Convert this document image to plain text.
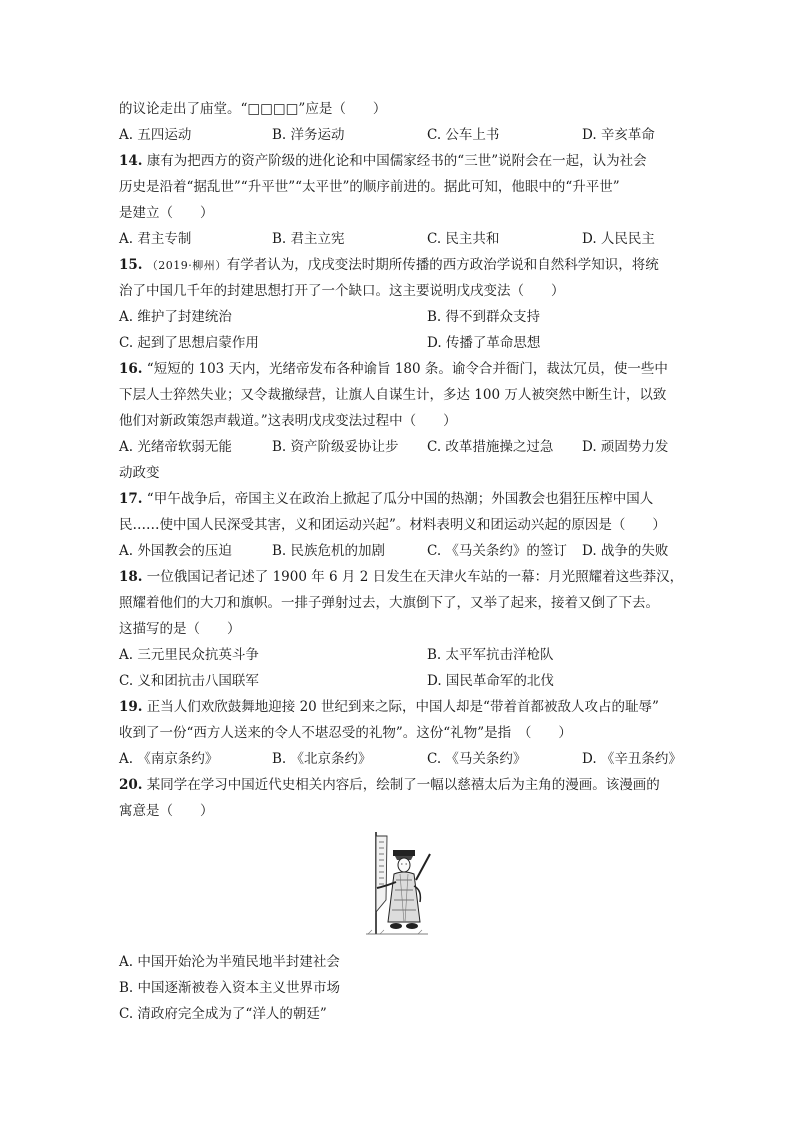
的议论走出了庙堂。“□□□□”应是（　　）
A. 五四运动	B. 洋务运动	C. 公车上书	D. 辛亥革命
14. 康有为把西方的资产阶级的进化论和中国儒家经书的“三世”说附会在一起，认为社会
历史是沿着“据乱世”“升平世”“太平世”的顺序前进的。据此可知，他眼中的“升平世”
是建立（　　）
A. 君主专制	B. 君主立宪	C. 民主共和	D. 人民民主
15. （2019·柳州）有学者认为，戊戌变法时期所传播的西方政治学说和自然科学知识，将统
治了中国几千年的封建思想打开了一个缺口。这主要说明戊戌变法（　　）
A. 维护了封建统治	B. 得不到群众支持
C. 起到了思想启蒙作用	D. 传播了革命思想
16. “短短的 103 天内，光绪帝发布各种谕旨 180 条。谕令合并衙门，裁汰冗员，使一些中
下层人士猝然失业；又令裁撤绿营，让旗人自谋生计，多达 100 万人被突然中断生计，以致
他们对新政策怨声载道。”这表明戊戌变法过程中（　　）
A. 光绪帝软弱无能	B. 资产阶级妥协让步 C. 改革措施操之过急 D. 顽固势力发
动政变
17. “甲午战争后，帝国主义在政治上掀起了瓜分中国的热潮；外国教会也猖狂压榨中国人
民……使中国人民深受其害，义和团运动兴起”。材料表明义和团运动兴起的原因是（　　）
A. 外国教会的压迫	B. 民族危机的加剧	C. 《马关条约》的签订 D. 战争的失败
18. 一位俄国记者记述了 1900 年 6 月 2 日发生在天津火车站的一幕：月光照耀着这些莽汉，
照耀着他们的大刀和旗帜。一排子弹射过去，大旗倒下了，又举了起来，接着又倒了下去。
这描写的是（　　）
A. 三元里民众抗英斗争	B. 太平军抗击洋枪队
C. 义和团抗击八国联军	D. 国民革命军的北伐
19. 正当人们欢欣鼓舞地迎接 20 世纪到来之际，中国人却是“带着首都被敌人攻占的耻辱”
收到了一份“西方人送来的令人不堪忍受的礼物”。这份“礼物”是指　（　　）
A. 《南京条约》	B. 《北京条约》	C. 《马关条约》	D. 《辛丑条约》
20. 某同学在学习中国近代史相关内容后，绘制了一幅以慈禧太后为主角的漫画。该漫画的
寓意是（　　）
A. 中国开始沦为半殖民地半封建社会
B. 中国逐渐被卷入资本主义世界市场
C. 清政府完全成为了“洋人的朝廷”
